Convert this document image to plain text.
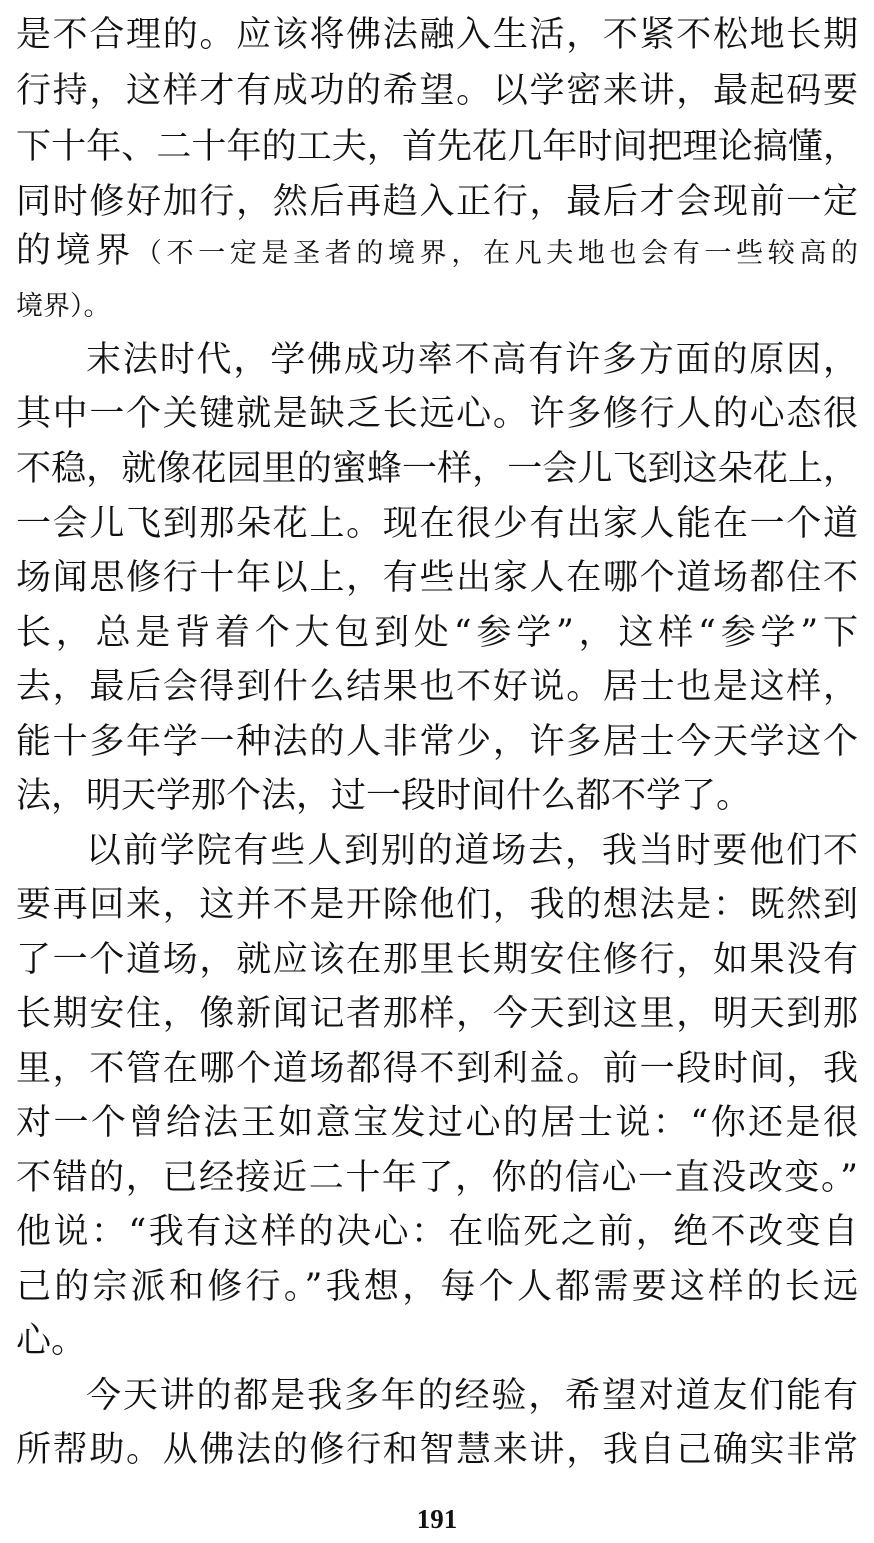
是不合理的。应该将佛法融入生活，不紧不松地长期
行持，这样才有成功的希望。以学密来讲，最起码要
下十年、二十年的工夫，首先花几年时间把理论搞懂，
同时修好加行，然后再趋入正行，最后才会现前一定
的境界（不一定是圣者的境界，在凡夫地也会有一些较高的
境界）。
末法时代，学佛成功率不高有许多方面的原因，
其中一个关键就是缺乏长远心。许多修行人的心态很
不稳，就像花园里的蜜蜂一样，一会儿飞到这朵花上，
一会儿飞到那朵花上。现在很少有出家人能在一个道
场闻思修行十年以上，有些出家人在哪个道场都住不
长，总是背着个大包到处“参学”，这样“参学”下
去，最后会得到什么结果也不好说。居士也是这样，
能十多年学一种法的人非常少，许多居士今天学这个
法，明天学那个法，过一段时间什么都不学了。
以前学院有些人到别的道场去，我当时要他们不
要再回来，这并不是开除他们，我的想法是：既然到
了一个道场，就应该在那里长期安住修行，如果没有
长期安住，像新闻记者那样，今天到这里，明天到那
里，不管在哪个道场都得不到利益。前一段时间，我
对一个曾给法王如意宝发过心的居士说：“你还是很
不错的，已经接近二十年了，你的信心一直没改变。”
他说：“我有这样的决心：在临死之前，绝不改变自
己的宗派和修行。”我想，每个人都需要这样的长远
心。
今天讲的都是我多年的经验，希望对道友们能有
所帮助。从佛法的修行和智慧来讲，我自己确实非常
191
